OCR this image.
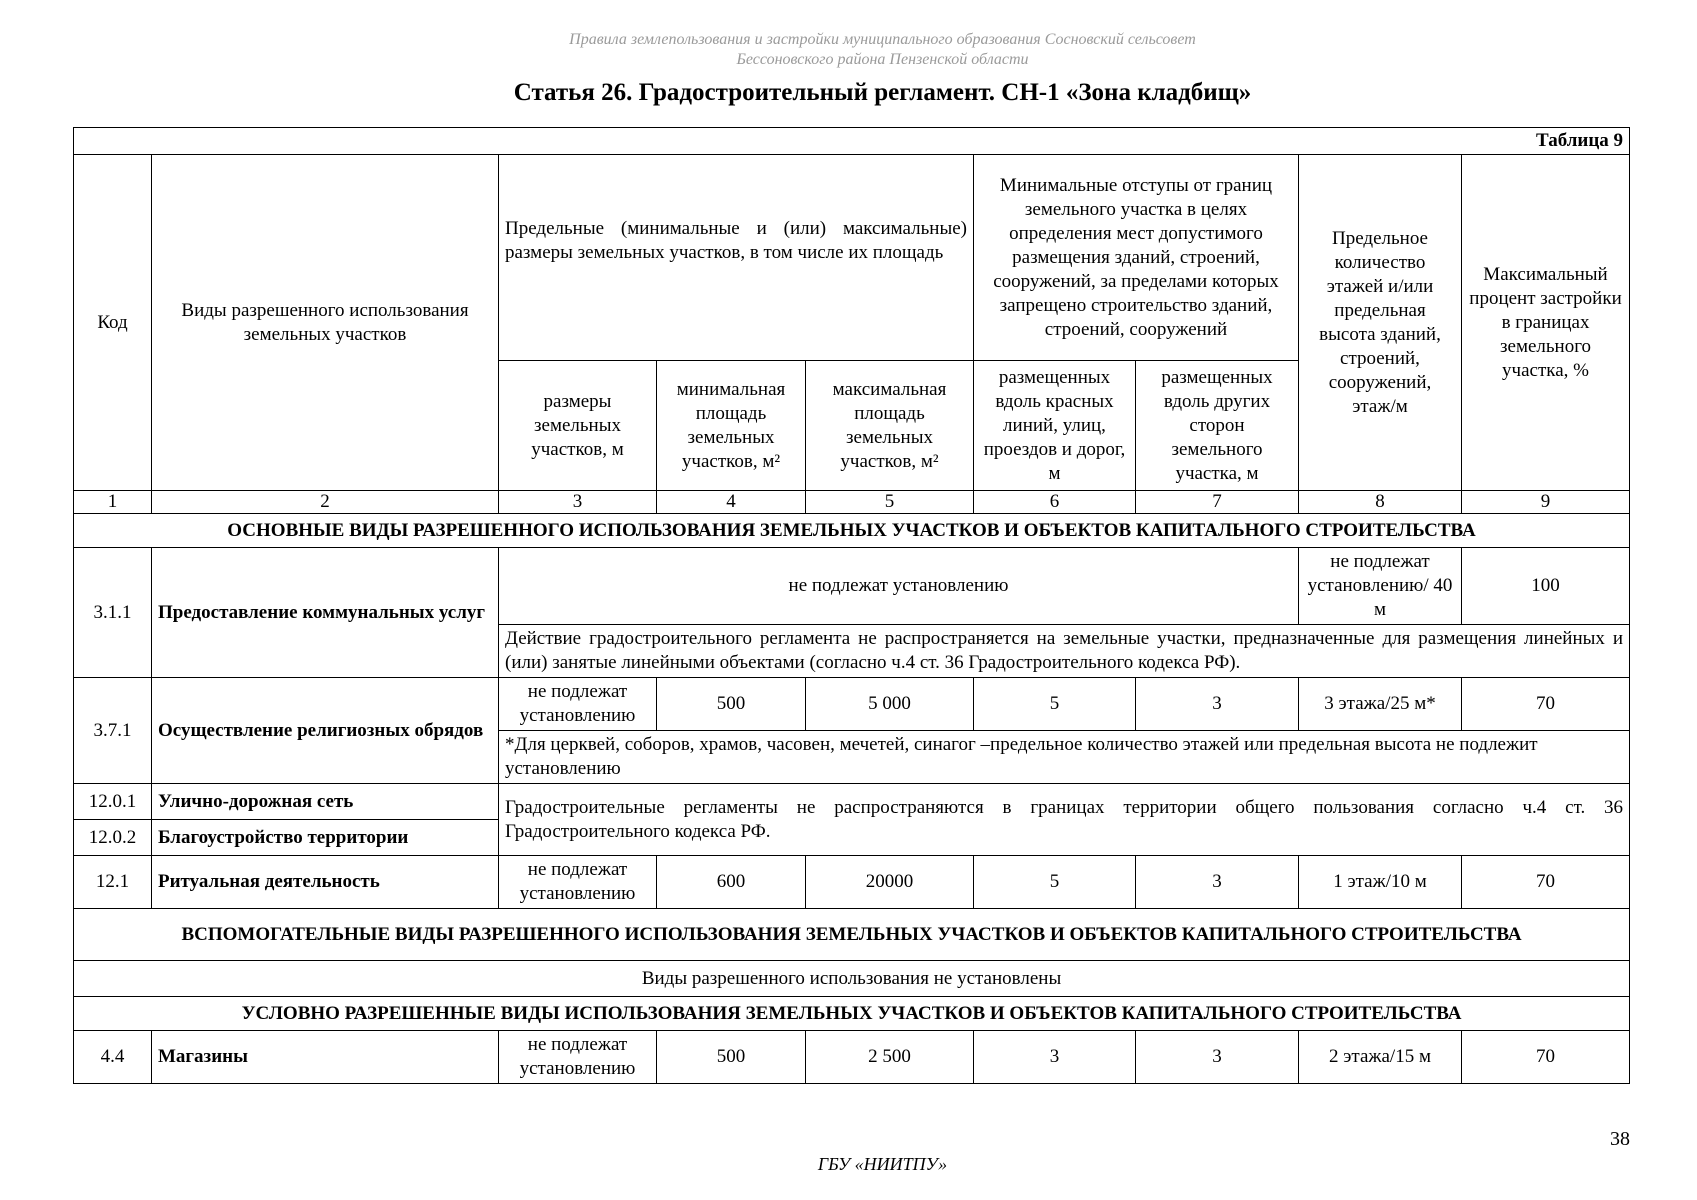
Правила землепользования и застройки муниципального образования Сосновский сельсовет
Бессоновского района Пензенской области
Статья 26. Градостроительный регламент. СН-1 «Зона кладбищ»
Таблица 9								
Код	Виды разрешенного использования земельных участков	Предельные (минимальные и (или) максимальные) размеры земельных участков, в том числе их площадь			Минимальные отступы от границ земельного участка в целях определения мест допустимого размещения зданий, строений, сооружений, за пределами которых запрещено строительство зданий, строений, сооружений		Предельное количество этажей и/или предельная высота зданий, строений, сооружений, этаж/м	Максимальный процент застройки в границах земельного участка, %
		размеры земельных участков, м	минимальная площадь земельных участков, м²	максимальная площадь земельных участков, м²	размещенных вдоль красных линий, улиц, проездов и дорог, м	размещенных вдоль других сторон земельного участка, м		
1	2	3	4	5	6	7	8	9
ОСНОВНЫЕ ВИДЫ РАЗРЕШЕННОГО ИСПОЛЬЗОВАНИЯ ЗЕМЕЛЬНЫХ УЧАСТКОВ И ОБЪЕКТОВ КАПИТАЛЬНОГО СТРОИТЕЛЬСТВА								
3.1.1	Предоставление коммунальных услуг	не подлежат установлению					не подлежат установлению/ 40 м	100
		Действие градостроительного регламента не распространяется на земельные участки, предназначенные для размещения линейных и (или) занятые линейными объектами (согласно ч.4 ст. 36 Градостроительного кодекса РФ).						
3.7.1	Осуществление религиозных обрядов	не подлежат установлению	500	5 000	5	3	3 этажа/25 м*	70
		*Для церквей, соборов, храмов, часовен, мечетей, синагог –предельное количество этажей или предельная высота не подлежит установлению						
12.0.1	Улично-дорожная сеть	Градостроительные регламенты не распространяются в границах территории общего пользования согласно ч.4 ст. 36 Градостроительного кодекса РФ.						
12.0.2	Благоустройство территории							
12.1	Ритуальная деятельность	не подлежат установлению	600	20000	5	3	1 этаж/10 м	70
ВСПОМОГАТЕЛЬНЫЕ ВИДЫ РАЗРЕШЕННОГО ИСПОЛЬЗОВАНИЯ ЗЕМЕЛЬНЫХ УЧАСТКОВ И ОБЪЕКТОВ КАПИТАЛЬНОГО СТРОИТЕЛЬСТВА								
Виды разрешенного использования не установлены								
УСЛОВНО РАЗРЕШЕННЫЕ ВИДЫ ИСПОЛЬЗОВАНИЯ ЗЕМЕЛЬНЫХ УЧАСТКОВ И ОБЪЕКТОВ КАПИТАЛЬНОГО СТРОИТЕЛЬСТВА								
4.4	Магазины	не подлежат установлению	500	2 500	3	3	2 этажа/15 м	70
38
ГБУ «НИИТПУ»
